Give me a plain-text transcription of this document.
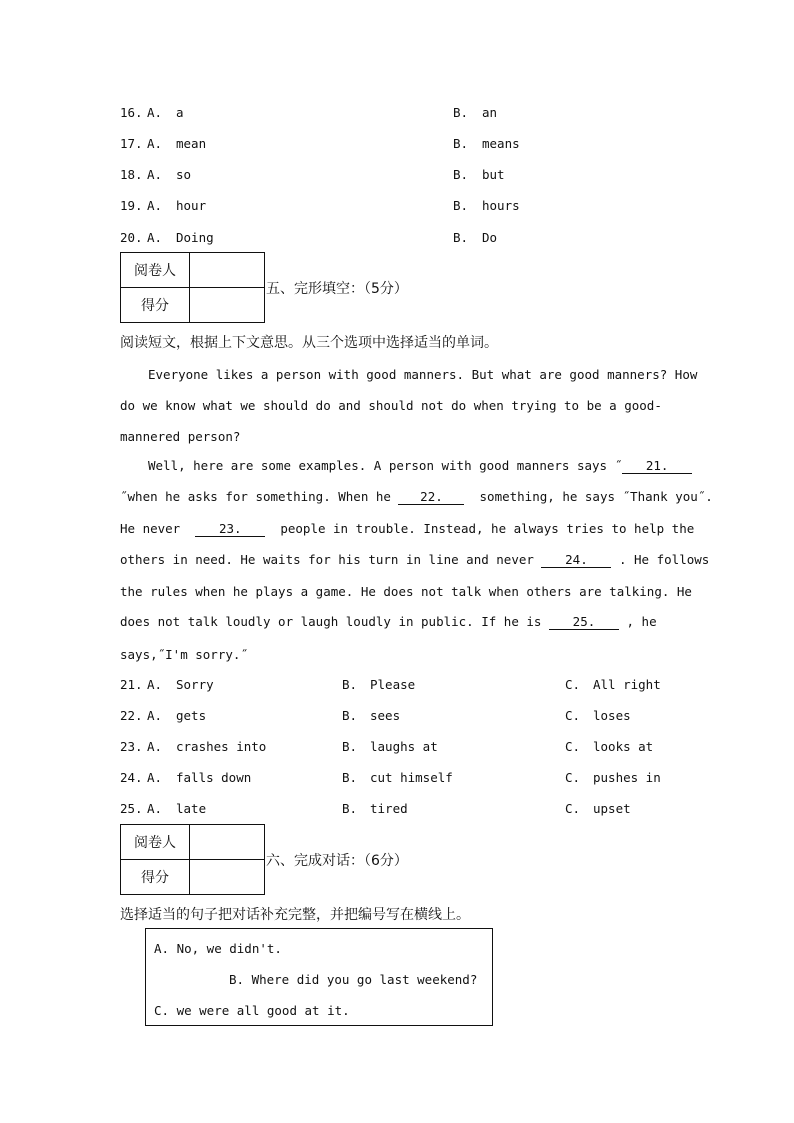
16. A. a	B. an
17. A. mean	B. means
18. A. so	B. but
19. A. hour	B. hours
20. A. Doing	B. Do
阅卷人	
得分	
五、完形填空：（5分）
阅读短文，根据上下文意思。从三个选项中选择适当的单词。
Everyone likes a person with good manners. But what are good manners? How
do we know what we should do and should not do when trying to be a good-
mannered person?
Well, here are some examples. A person with good manners says ˝ 21.
˝when he asks for something. When he 22.	something, he says ˝Thank you˝.
He never	23.	people in trouble. Instead, he always tries to help the
others in need. He waits for his turn in line and never 24.	. He follows
the rules when he plays a game. He does not talk when others are talking. He
does not talk loudly or laugh loudly in public. If he is 25.	, he
says,˝I'm sorry.˝
21. A. Sorry	B. Please	C. All right
22. A. gets	B. sees	C. loses
23. A. crashes into	B. laughs at	C. looks at
24. A. falls down	B. cut himself	C. pushes in
25. A. late	B. tired	C. upset
阅卷人	
得分	
六、完成对话：（6分）
选择适当的句子把对话补充完整，并把编号写在横线上。
A. No, we didn't.
B. Where did you go last weekend?
C. we were all good at it.
